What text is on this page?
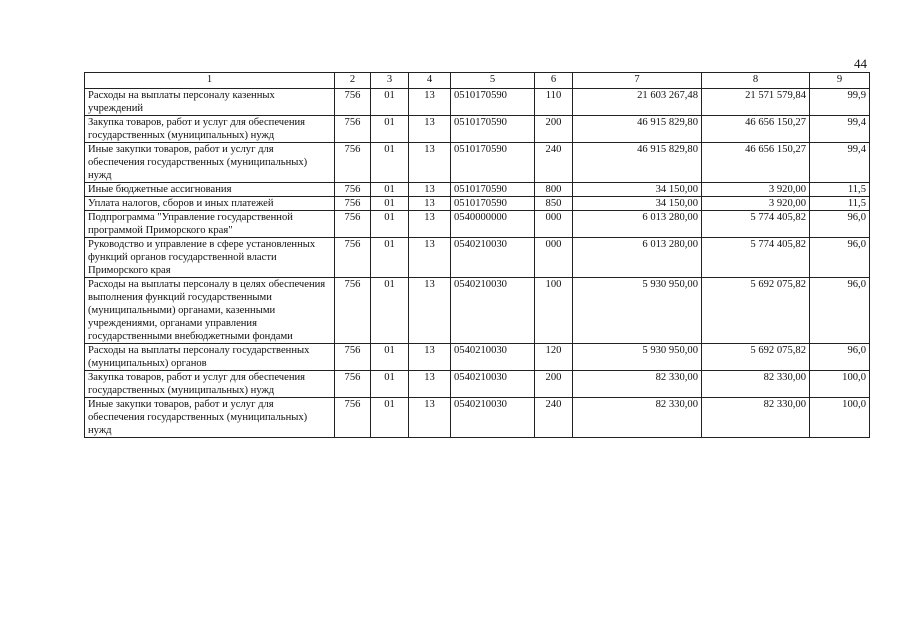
44
1	2	3	4	5	6	7	8	9
Расходы на выплаты персоналу казенных учреждений	756	01	13	0510170590	110	21 603 267,48	21 571 579,84	99,9
Закупка товаров, работ и услуг для обеспечения государственных (муниципальных) нужд	756	01	13	0510170590	200	46 915 829,80	46 656 150,27	99,4
Иные закупки товаров, работ и услуг для обеспечения государственных (муниципальных) нужд	756	01	13	0510170590	240	46 915 829,80	46 656 150,27	99,4
Иные бюджетные ассигнования	756	01	13	0510170590	800	34 150,00	3 920,00	11,5
Уплата налогов, сборов и иных платежей	756	01	13	0510170590	850	34 150,00	3 920,00	11,5
Подпрограмма "Управление государственной программой Приморского края"	756	01	13	0540000000	000	6 013 280,00	5 774 405,82	96,0
Руководство и управление в сфере установленных функций органов государственной власти Приморского края	756	01	13	0540210030	000	6 013 280,00	5 774 405,82	96,0
Расходы на выплаты персоналу в целях обеспечения выполнения функций государственными (муниципальными) органами, казенными учреждениями, органами управления государственными внебюджетными фондами	756	01	13	0540210030	100	5 930 950,00	5 692 075,82	96,0
Расходы на выплаты персоналу государственных (муниципальных) органов	756	01	13	0540210030	120	5 930 950,00	5 692 075,82	96,0
Закупка товаров, работ и услуг для обеспечения государственных (муниципальных) нужд	756	01	13	0540210030	200	82 330,00	82 330,00	100,0
Иные закупки товаров, работ и услуг для обеспечения государственных (муниципальных) нужд	756	01	13	0540210030	240	82 330,00	82 330,00	100,0
